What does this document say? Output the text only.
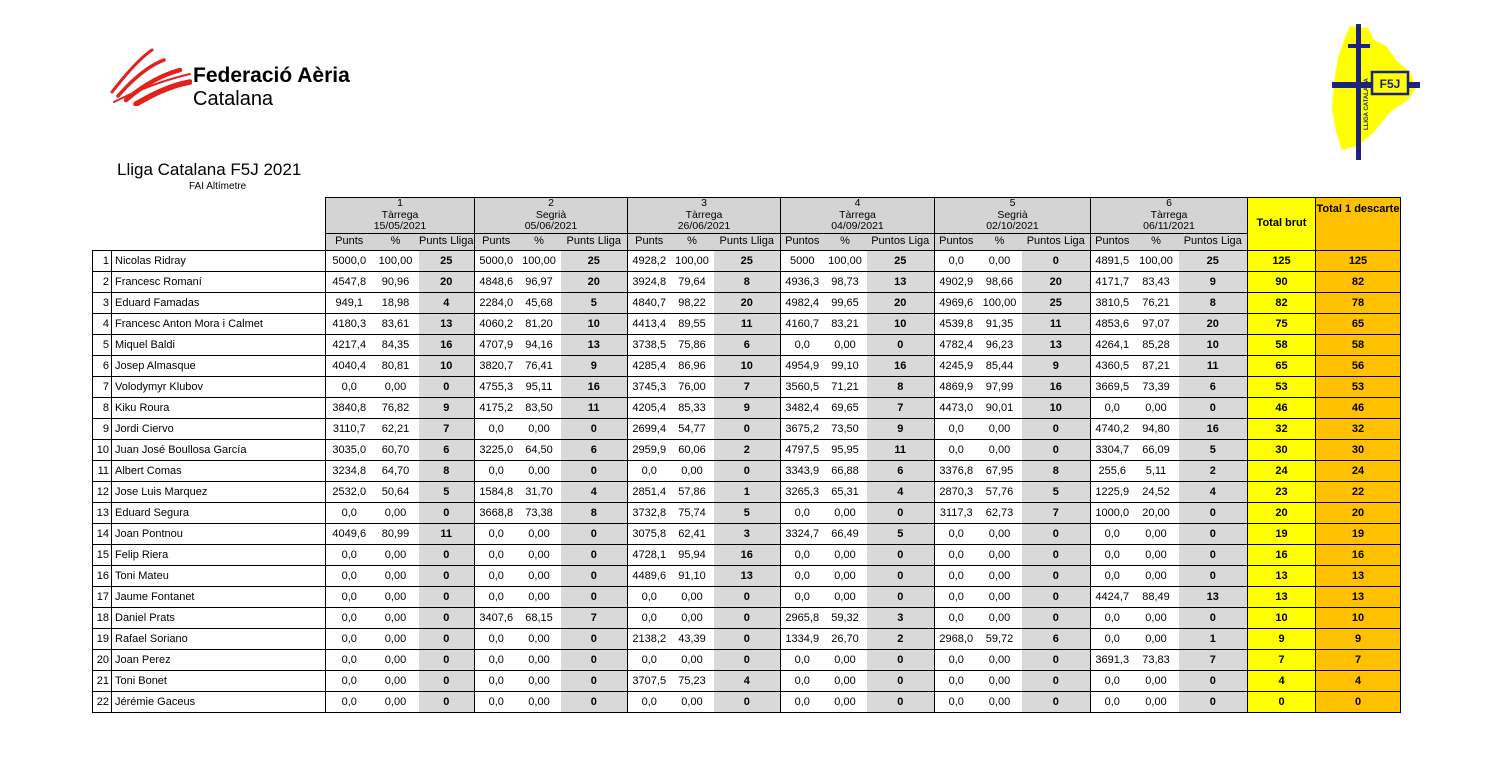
Federació Aèria
Catalana
F5J
LLIGA CATALANA
Lliga Catalana F5J 2021
FAI Altímetre
		1			2			3			4			5			6			Total brut	Total 1 descarte
		Tàrrega			Segrià			Tàrrega			Tàrrega			Segrià			Tàrrega				
		15/05/2021			05/06/2021			26/06/2021			04/09/2021			02/10/2021			06/11/2021				
		Punts	%	Punts Lliga	Punts	%	Punts Lliga	Punts	%	Punts Lliga	Puntos	%	Puntos Liga	Puntos	%	Puntos Liga	Puntos	%	Puntos Liga		
1	Nicolas Ridray	5000,0	100,00	25	5000,0	100,00	25	4928,2	100,00	25	5000	100,00	25	0,0	0,00	0	4891,5	100,00	25	125	125
2	Francesc Romaní	4547,8	90,96	20	4848,6	96,97	20	3924,8	79,64	8	4936,3	98,73	13	4902,9	98,66	20	4171,7	83,43	9	90	82
3	Eduard Famadas	949,1	18,98	4	2284,0	45,68	5	4840,7	98,22	20	4982,4	99,65	20	4969,6	100,00	25	3810,5	76,21	8	82	78
4	Francesc Anton Mora i Calmet	4180,3	83,61	13	4060,2	81,20	10	4413,4	89,55	11	4160,7	83,21	10	4539,8	91,35	11	4853,6	97,07	20	75	65
5	Miquel Baldi	4217,4	84,35	16	4707,9	94,16	13	3738,5	75,86	6	0,0	0,00	0	4782,4	96,23	13	4264,1	85,28	10	58	58
6	Josep Almasque	4040,4	80,81	10	3820,7	76,41	9	4285,4	86,96	10	4954,9	99,10	16	4245,9	85,44	9	4360,5	87,21	11	65	56
7	Volodymyr Klubov	0,0	0,00	0	4755,3	95,11	16	3745,3	76,00	7	3560,5	71,21	8	4869,9	97,99	16	3669,5	73,39	6	53	53
8	Kiku Roura	3840,8	76,82	9	4175,2	83,50	11	4205,4	85,33	9	3482,4	69,65	7	4473,0	90,01	10	0,0	0,00	0	46	46
9	Jordi Ciervo	3110,7	62,21	7	0,0	0,00	0	2699,4	54,77	0	3675,2	73,50	9	0,0	0,00	0	4740,2	94,80	16	32	32
10	Juan José Boullosa García	3035,0	60,70	6	3225,0	64,50	6	2959,9	60,06	2	4797,5	95,95	11	0,0	0,00	0	3304,7	66,09	5	30	30
11	Albert Comas	3234,8	64,70	8	0,0	0,00	0	0,0	0,00	0	3343,9	66,88	6	3376,8	67,95	8	255,6	5,11	2	24	24
12	Jose Luis Marquez	2532,0	50,64	5	1584,8	31,70	4	2851,4	57,86	1	3265,3	65,31	4	2870,3	57,76	5	1225,9	24,52	4	23	22
13	Eduard Segura	0,0	0,00	0	3668,8	73,38	8	3732,8	75,74	5	0,0	0,00	0	3117,3	62,73	7	1000,0	20,00	0	20	20
14	Joan Pontnou	4049,6	80,99	11	0,0	0,00	0	3075,8	62,41	3	3324,7	66,49	5	0,0	0,00	0	0,0	0,00	0	19	19
15	Felip Riera	0,0	0,00	0	0,0	0,00	0	4728,1	95,94	16	0,0	0,00	0	0,0	0,00	0	0,0	0,00	0	16	16
16	Toni Mateu	0,0	0,00	0	0,0	0,00	0	4489,6	91,10	13	0,0	0,00	0	0,0	0,00	0	0,0	0,00	0	13	13
17	Jaume Fontanet	0,0	0,00	0	0,0	0,00	0	0,0	0,00	0	0,0	0,00	0	0,0	0,00	0	4424,7	88,49	13	13	13
18	Daniel Prats	0,0	0,00	0	3407,6	68,15	7	0,0	0,00	0	2965,8	59,32	3	0,0	0,00	0	0,0	0,00	0	10	10
19	Rafael Soriano	0,0	0,00	0	0,0	0,00	0	2138,2	43,39	0	1334,9	26,70	2	2968,0	59,72	6	0,0	0,00	1	9	9
20	Joan Perez	0,0	0,00	0	0,0	0,00	0	0,0	0,00	0	0,0	0,00	0	0,0	0,00	0	3691,3	73,83	7	7	7
21	Toni Bonet	0,0	0,00	0	0,0	0,00	0	3707,5	75,23	4	0,0	0,00	0	0,0	0,00	0	0,0	0,00	0	4	4
22	Jérémie Gaceus	0,0	0,00	0	0,0	0,00	0	0,0	0,00	0	0,0	0,00	0	0,0	0,00	0	0,0	0,00	0	0	0
